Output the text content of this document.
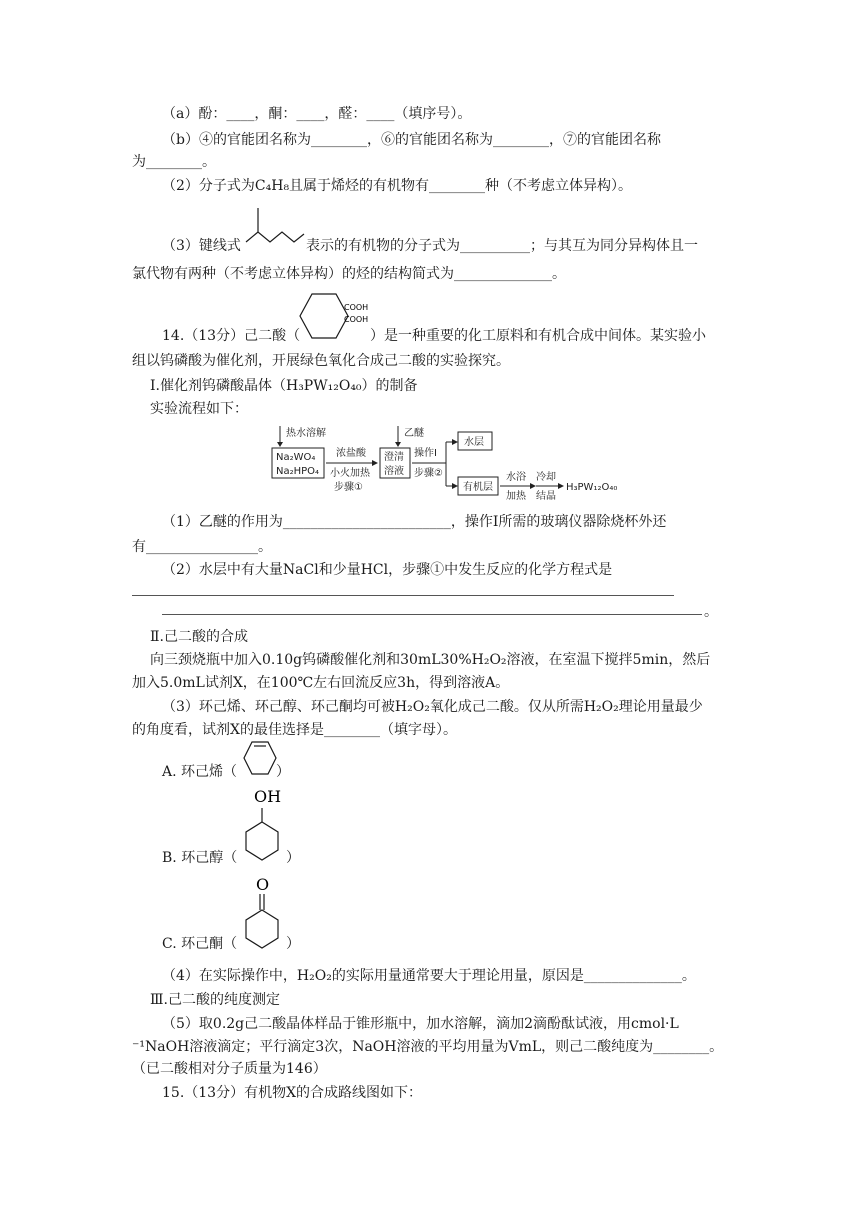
（a）酚：____，酮：____，醛：____（填序号）。
（b）④的官能团名称为________，⑥的官能团名称为________，⑦的官能团名称
为________。
（2）分子式为C₄H₈且属于烯烃的有机物有________种（不考虑立体异构）。
（3）键线式	表示的有机物的分子式为__________；与其互为同分异构体且一
氯代物有两种（不考虑立体异构）的烃的结构简式为______________。
14.（13分）己二酸（
COOH
COOH
）是一种重要的化工原料和有机合成中间体。某实验小
组以钨磷酸为催化剂，开展绿色氧化合成己二酸的实验探究。
Ⅰ.催化剂钨磷酸晶体（H₃PW₁₂O₄₀）的制备
实验流程如下：
热水溶解
Na₂WO₄
Na₂HPO₄
浓盐酸
小火加热
步骤①
乙醚
澄清
溶液
操作Ⅰ
步骤②
水层
有机层
水浴
加热
冷却
结晶
H₃PW₁₂O₄₀
（1）乙醚的作用为________________________，操作Ⅰ所需的玻璃仪器除烧杯外还
有________________。
（2）水层中有大量NaCl和少量HCl，步骤①中发生反应的化学方程式是
。
Ⅱ.己二酸的合成
向三颈烧瓶中加入0.10g钨磷酸催化剂和30mL30%H₂O₂溶液，在室温下搅拌5min，然后
加入5.0mL试剂X，在100℃左右回流反应3h，得到溶液A。
（3）环己烯、环己醇、环己酮均可被H₂O₂氧化成己二酸。仅从所需H₂O₂理论用量最少
的角度看，试剂X的最佳选择是________（填字母）。
A. 环己烯（	）
B. 环己醇（
OH
）
C. 环己酮（
O
）
（4）在实际操作中，H₂O₂的实际用量通常要大于理论用量，原因是______________。
Ⅲ.己二酸的纯度测定
（5）取0.2g己二酸晶体样品于锥形瓶中，加水溶解，滴加2滴酚酞试液，用cmol·L
⁻¹NaOH溶液滴定；平行滴定3次，NaOH溶液的平均用量为VmL，则己二酸纯度为________。
（已二酸相对分子质量为146）
15.（13分）有机物X的合成路线图如下：
